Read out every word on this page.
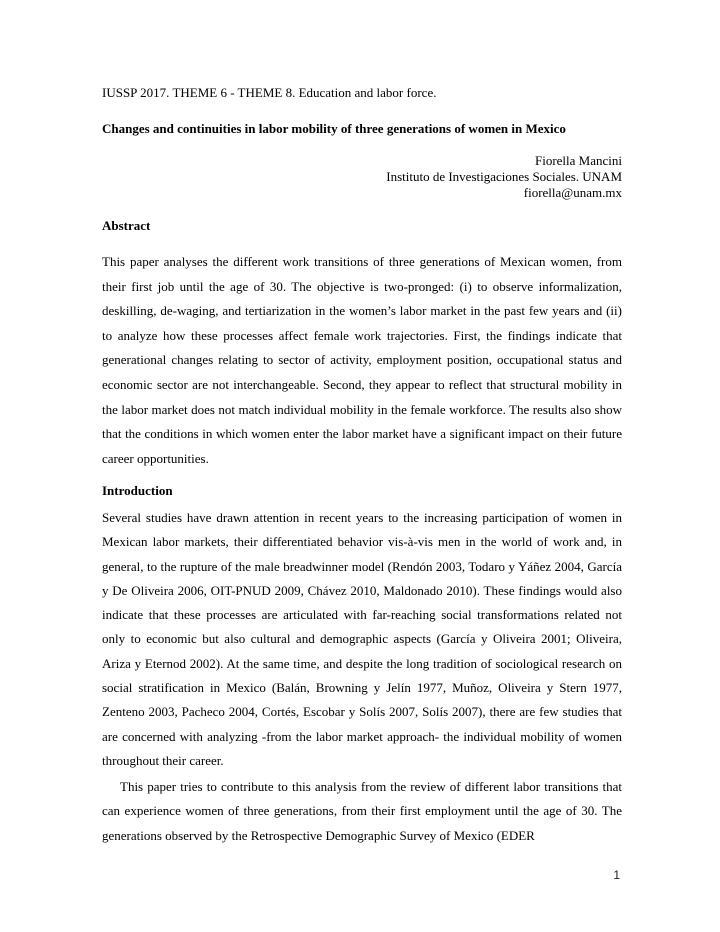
IUSSP 2017. THEME 6 - THEME 8. Education and labor force.
Changes and continuities in labor mobility of three generations of women in Mexico
Fiorella Mancini
Instituto de Investigaciones Sociales. UNAM
fiorella@unam.mx
Abstract

This paper analyses the different work transitions of three generations of Mexican women, from their first job until the age of 30. The objective is two-pronged: (i) to observe informalization, deskilling, de-waging, and tertiarization in the women’s labor market in the past few years and (ii) to analyze how these processes affect female work trajectories. First, the findings indicate that generational changes relating to sector of activity, employment position, occupational status and economic sector are not interchangeable. Second, they appear to reflect that structural mobility in the labor market does not match individual mobility in the female workforce. The results also show that the conditions in which women enter the labor market have a significant impact on their future career opportunities.

Introduction

Several studies have drawn attention in recent years to the increasing participation of women in Mexican labor markets, their differentiated behavior vis-à-vis men in the world of work and, in general, to the rupture of the male breadwinner model (Rendón 2003, Todaro y Yáñez 2004, García y De Oliveira 2006, OIT-PNUD 2009, Chávez 2010, Maldonado 2010). These findings would also indicate that these processes are articulated with far-reaching social transformations related not only to economic but also cultural and demographic aspects (García y Oliveira 2001; Oliveira, Ariza y Eternod 2002). At the same time, and despite the long tradition of sociological research on social stratification in Mexico (Balán, Browning y Jelín 1977, Muñoz, Oliveira y Stern 1977, Zenteno 2003, Pacheco 2004, Cortés, Escobar y Solís 2007, Solís 2007), there are few studies that are concerned with analyzing -from the labor market approach- the individual mobility of women throughout their career.

This paper tries to contribute to this analysis from the review of different labor transitions that can experience women of three generations, from their first employment until the age of 30. The generations observed by the Retrospective Demographic Survey of Mexico (EDER

1
